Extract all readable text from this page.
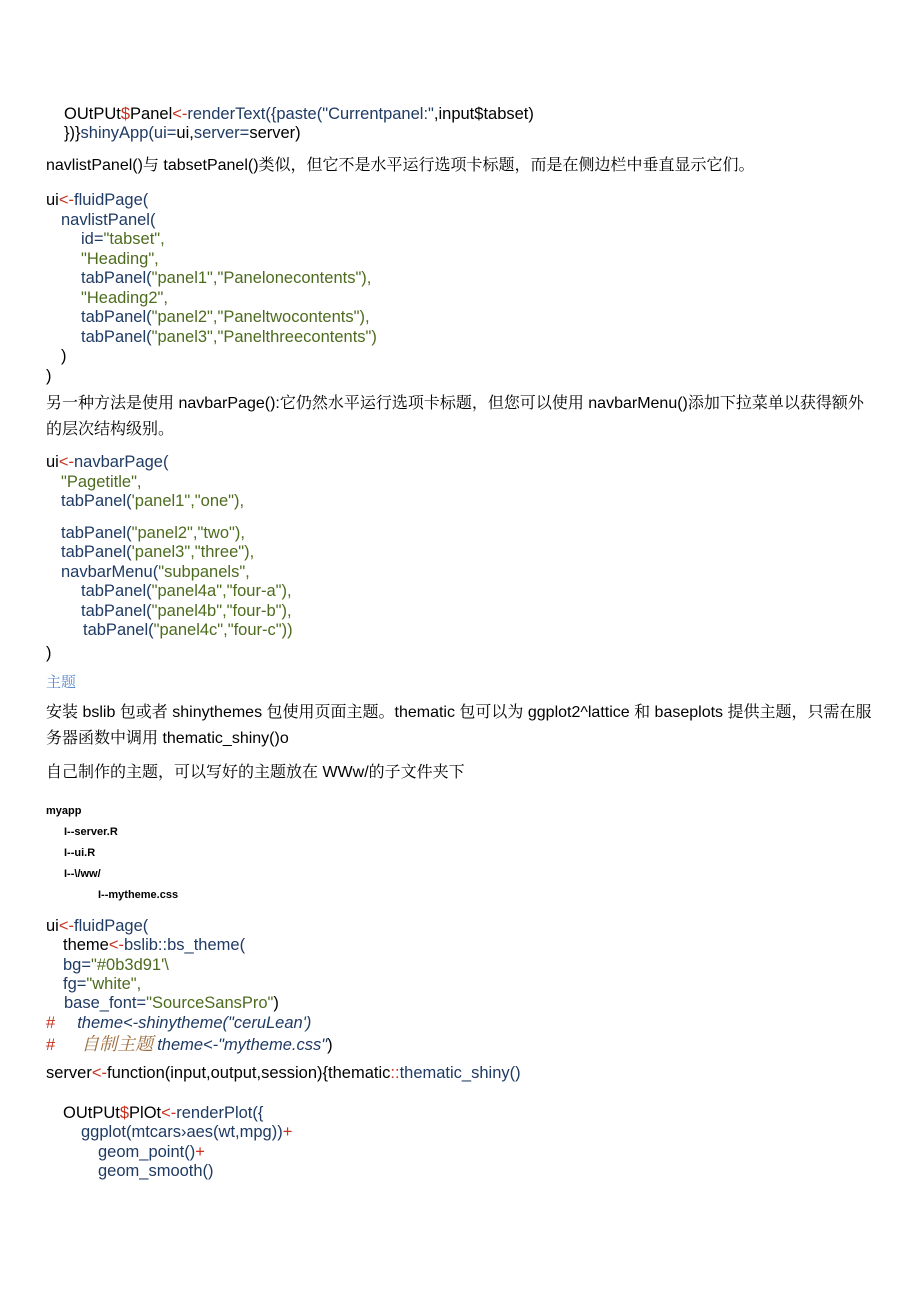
OUtPUt$Panel<-renderText({paste("Currentpanel:",input$tabset)
})}shinyApp(ui=ui,server=server)
navlistPanel()与 tabsetPanel()类似，但它不是水平运行选项卡标题，而是在侧边栏中垂直显示它们。
ui<-fluidPage(
navlistPanel(
id="tabset",
"Heading",
tabPanel("panel1","Panelonecontents"),
"Heading2",
tabPanel("panel2","Paneltwocontents"),
tabPanel("panel3","Panelthreecontents")
)
)
另一种方法是使用 navbarPage():它仍然水平运行选项卡标题，但您可以使用 navbarMenu()添加下拉菜单以获得额外的层次结构级别。
ui<-navbarPage(
"Pagetitle",
tabPanel('panel1","one"),
tabPanel("panel2","two"),
tabPanel('panel3","three"),
navbarMenu("subpanels",
tabPanel("panel4a","four-a"),
tabPanel("panel4b","four-b"),
tabPanel("panel4c","four-c"))
)
主题
安装 bslib 包或者 shinythemes 包使用页面主题。thematic 包可以为 ggplot2^lattice 和 baseplots 提供主题，只需在服务器函数中调用 thematic_shiny()o
自己制作的主题，可以写好的主题放在 WWw/的子文件夹下
myapp
I--server.R
I--ui.R
I--\/ww/
I--mytheme.css
ui<-fluidPage(
theme<-bslib::bs_theme(
bg="#0b3d91'\
fg="white",
base_font="SourceSansPro")
# theme<-shinytheme("ceruLean')
# 自制主题 theme<-"mytheme.css")
server<-function(input,output,session){thematic::thematic_shiny()
OUtPUt$PlOt<-renderPlot({
ggplot(mtcars›aes(wt,mpg))+
geom_point()+
geom_smooth()
